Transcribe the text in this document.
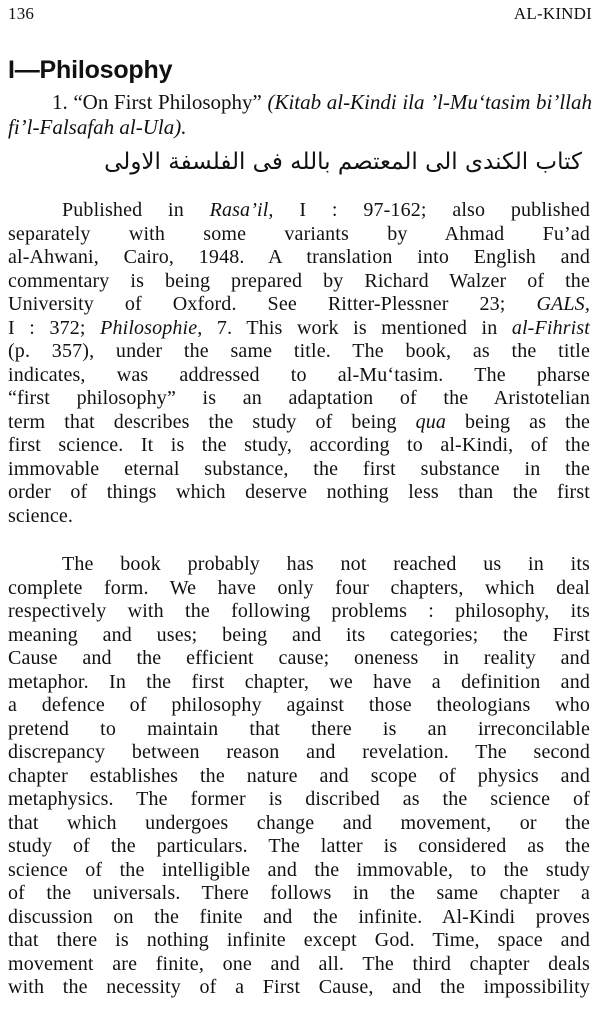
136	AL-KINDI
I—Philosophy
1. “On First Philosophy” (Kitab al-Kindi ila ’l-Mu‘tasim bi’llah fi’l-Falsafah al-Ula).
كتاب الكندى الى المعتصم بالله فى الفلسفة الاولى
Published in Rasa’il, I : 97-162; also published
separately with some variants by Ahmad Fu’ad
al-Ahwani, Cairo, 1948. A translation into English and
commentary is being prepared by Richard Walzer of the
University of Oxford. See Ritter-Plessner 23; GALS,
I : 372; Philosophie, 7. This work is mentioned in al-Fihrist
(p. 357), under the same title. The book, as the title
indicates, was addressed to al-Mu‘tasim. The pharse
“first philosophy” is an adaptation of the Aristotelian
term that describes the study of being qua being as the
first science. It is the study, according to al-Kindi, of the
immovable eternal substance, the first substance in the
order of things which deserve nothing less than the first
science.
The book probably has not reached us in its
complete form. We have only four chapters, which deal
respectively with the following problems : philosophy, its
meaning and uses; being and its categories; the First
Cause and the efficient cause; oneness in reality and
metaphor. In the first chapter, we have a definition and
a defence of philosophy against those theologians who
pretend to maintain that there is an irreconcilable
discrepancy between reason and revelation. The second
chapter establishes the nature and scope of physics and
metaphysics. The former is discribed as the science of
that which undergoes change and movement, or the
study of the particulars. The latter is considered as the
science of the intelligible and the immovable, to the study
of the universals. There follows in the same chapter a
discussion on the finite and the infinite. Al-Kindi proves
that there is nothing infinite except God. Time, space and
movement are finite, one and all. The third chapter deals
with the necessity of a First Cause, and the impossibility
